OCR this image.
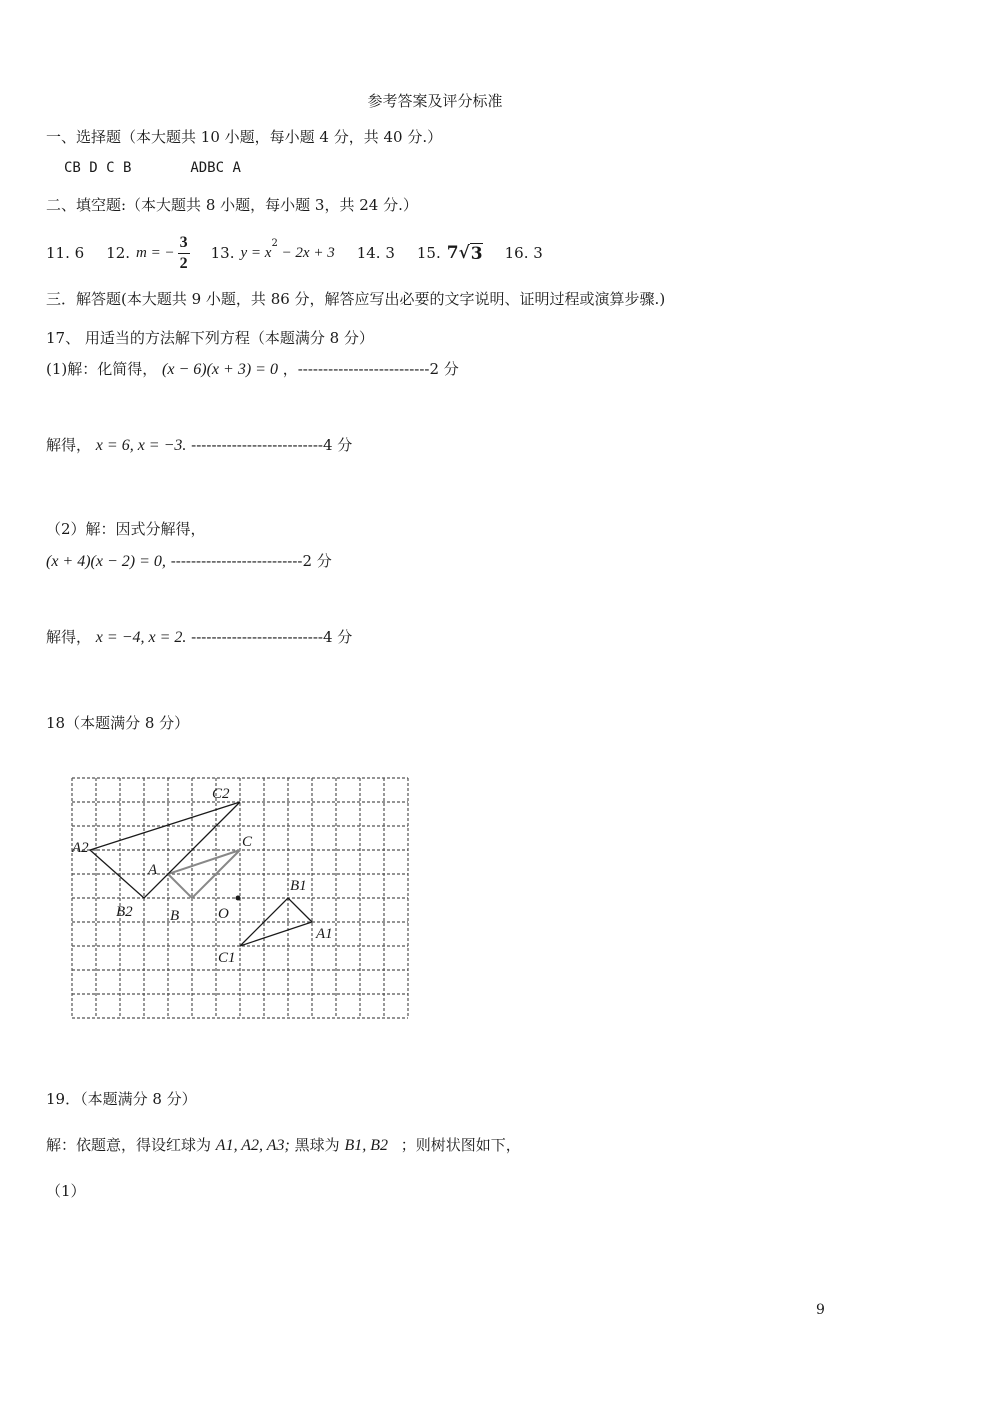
参考答案及评分标准
一、选择题（本大题共 10 小题，每小题 4 分，共 40 分.）
CB D C B	ADBC A
二、填空题:（本大题共 8 小题，每小题 3，共 24 分.）
11. 6 12. m = − $\frac{3}{2} 13$. y = x
$^2$
− 2x + 3 14. 3 15. 7 √ 3 16. 3
三．解答题(本大题共 9 小题，共 86 分，解答应写出必要的文字说明、证明过程或演算步骤.)
17、 用适当的方法解下列方程（本题满分 8 分）
(1)解：化简得， (x − 6)(x + 3) = 0 ，--------------------------2 分
解得， x = 6, x = −3. --------------------------4 分
（2）解：因式分解得，
(x + 4)(x − 2) = 0, --------------------------2 分
解得， x = −4, x = 2. --------------------------4 分
18（本题满分 8 分）
C2
A2	C
A
B1
B2 B	O
A1
C1
19．（本题满分 8 分）
解：依题意，得设红球为 A1, A2, A3; 黑球为 B1, B2 ；则树状图如下，
（1）
9
